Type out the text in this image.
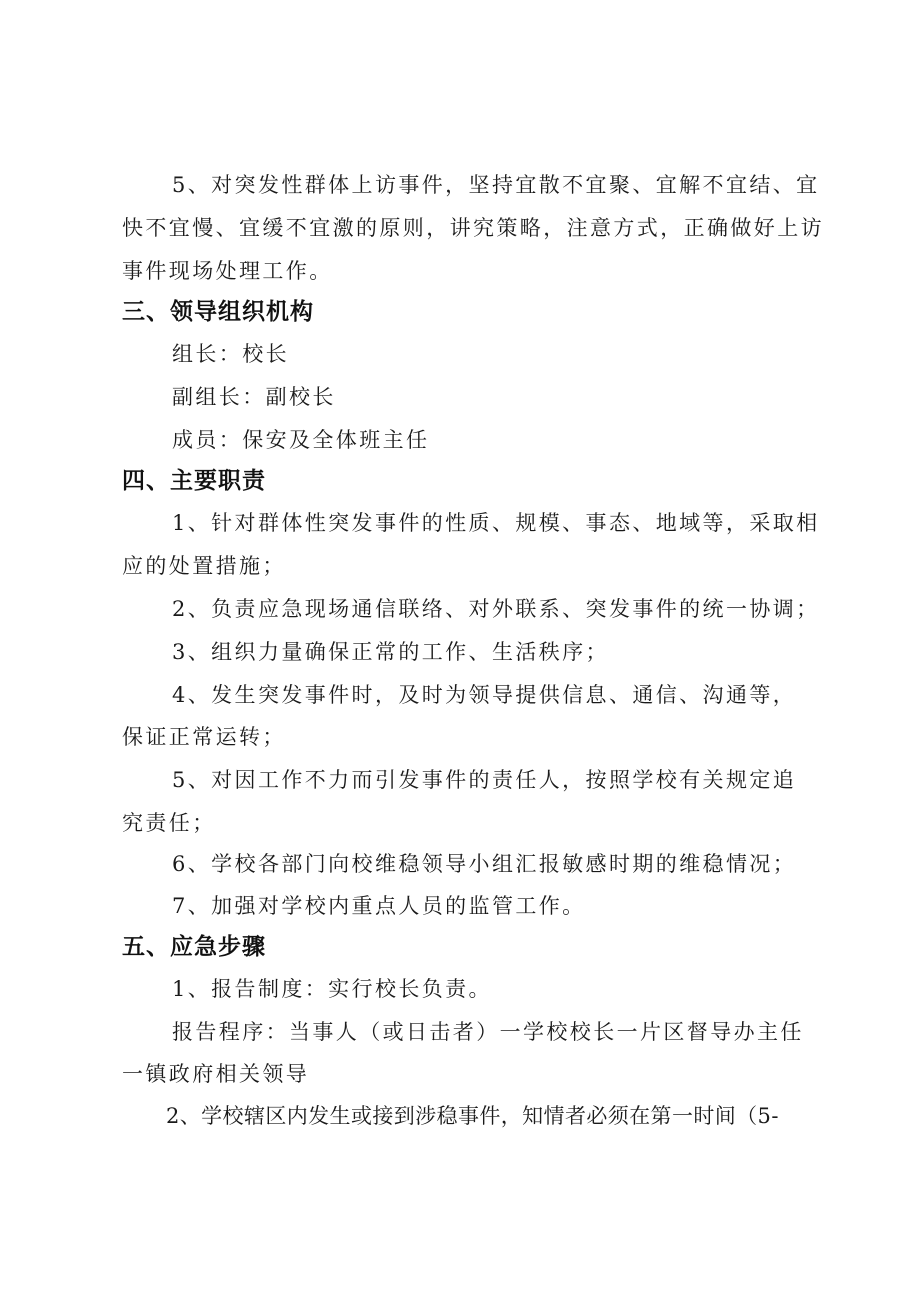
5、对突发性群体上访事件，坚持宜散不宜聚、宜解不宜结、宜
快不宜慢、宜缓不宜激的原则，讲究策略，注意方式，正确做好上访
事件现场处理工作。
三、领导组织机构
组长：校长
副组长：副校长
成员：保安及全体班主任
四、主要职责
1、针对群体性突发事件的性质、规模、事态、地域等，采取相
应的处置措施；
2、负责应急现场通信联络、对外联系、突发事件的统一协调；
3、组织力量确保正常的工作、生活秩序；
4、发生突发事件时，及时为领导提供信息、通信、沟通等，
保证正常运转；
5、对因工作不力而引发事件的责任人，按照学校有关规定追
究责任；
6、学校各部门向校维稳领导小组汇报敏感时期的维稳情况；
7、加强对学校内重点人员的监管工作。
五、应急步骤
1、报告制度：实行校长负责。
报告程序：当事人（或日击者）一学校校长一片区督导办主任
一镇政府相关领导
2、学校辖区内发生或接到涉稳事件，知情者必须在第一时间（5-
